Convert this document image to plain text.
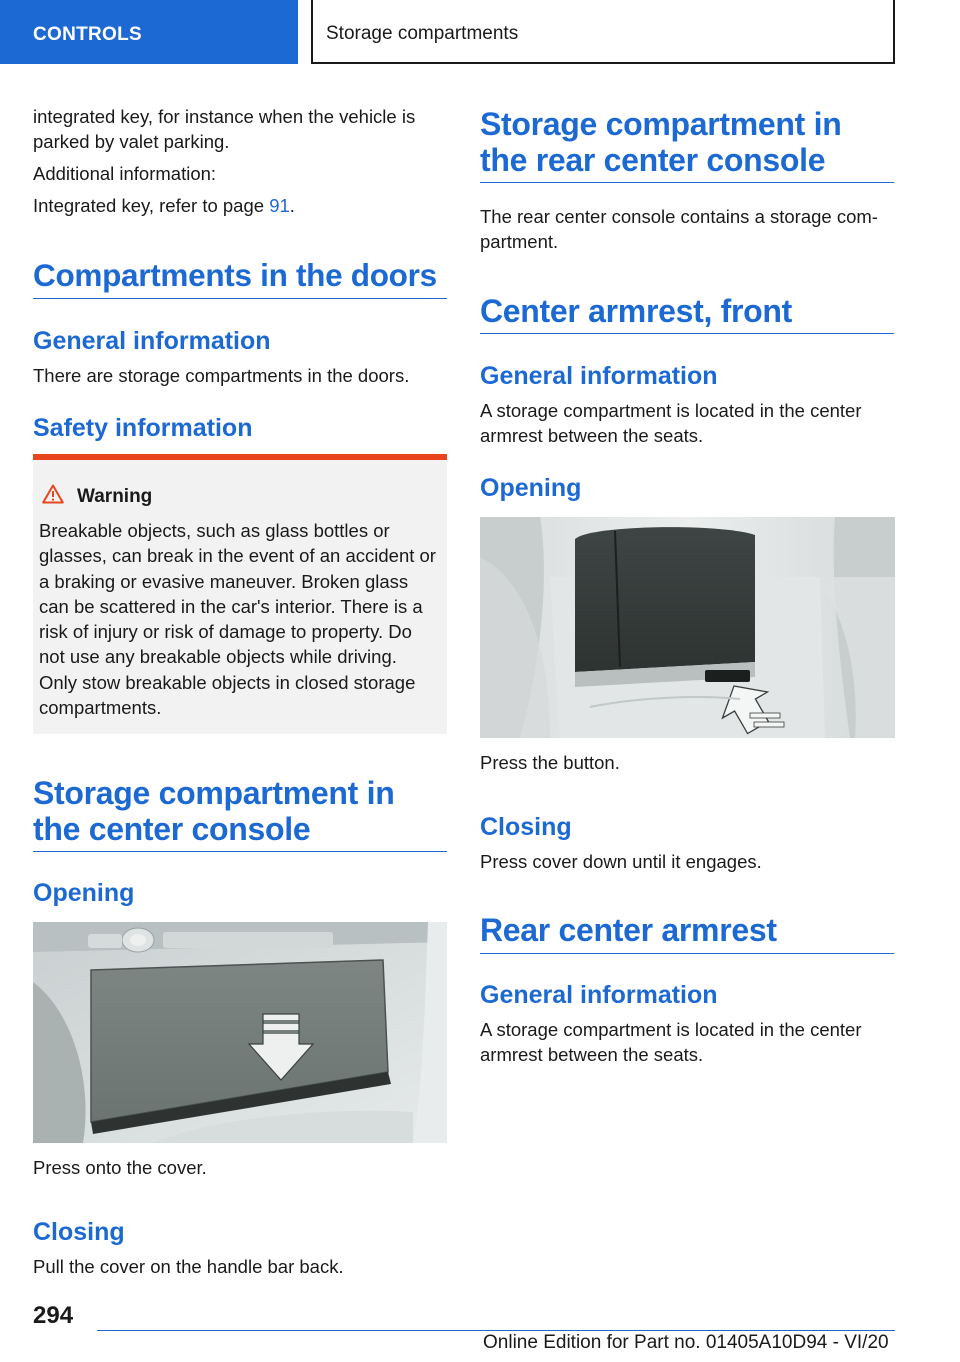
CONTROLS	Storage compartments

integrated key, for instance when the vehicle is

parked by valet parking.

Additional information:

Integrated key, refer to page 91.

Compartments in the doors
General information

There are storage compartments in the doors.

Safety information
Warning
Breakable objects, such as glass bottles or glasses, can break in the event of an accident or a braking or evasive maneuver. Broken glass can be scattered in the car's interior. There is a risk of injury or risk of damage to property. Do not use any breakable objects while driving. Only stow breakable objects in closed storage compartments.
Storage compartment in
the center console
Opening

Press onto the cover.

Closing

Pull the cover on the handle bar back.

Storage compartment in
the rear center console

The rear center console contains a storage com‐ partment.

Center armrest, front
General information

A storage compartment is located in the center armrest between the seats.

Opening

Press the button.

Closing

Press cover down until it engages.

Rear center armrest
General information

A storage compartment is located in the center armrest between the seats.

294
Online Edition for Part no. 01405A10D94 - VI/20
